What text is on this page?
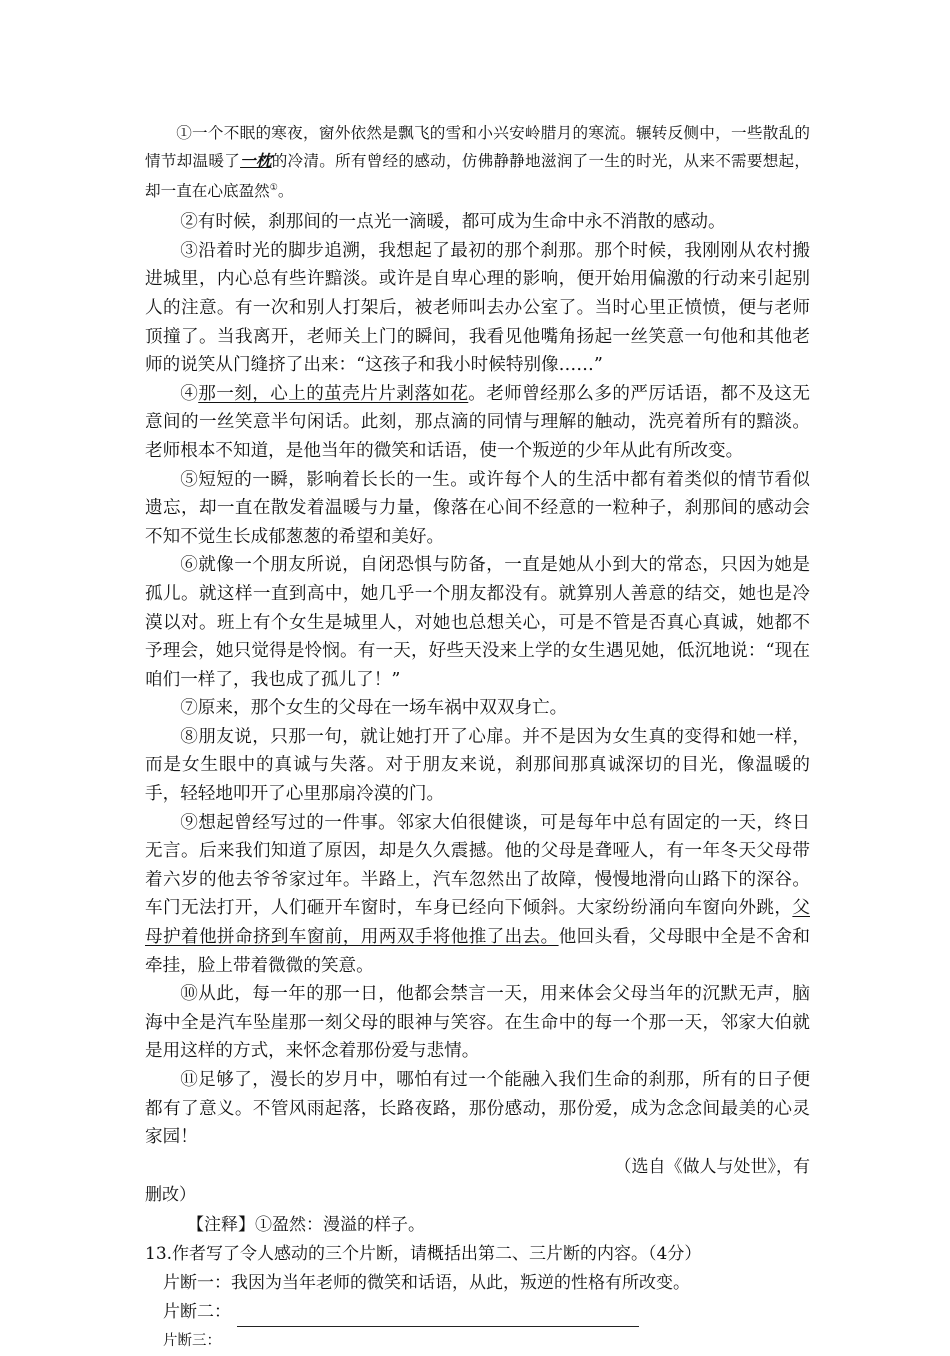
①一个不眠的寒夜，窗外依然是飘飞的雪和小兴安岭腊月的寒流。辗转反侧中，一些散乱的情节却温暖了一枕的冷清。所有曾经的感动，仿佛静静地滋润了一生的时光，从来不需要想起，却一直在心底盈然①。

②有时候，刹那间的一点光一滴暖，都可成为生命中永不消散的感动。

③沿着时光的脚步追溯，我想起了最初的那个刹那。那个时候，我刚刚从农村搬进城里，内心总有些许黯淡。或许是自卑心理的影响，便开始用偏激的行动来引起别人的注意。有一次和别人打架后，被老师叫去办公室了。当时心里正愤愤，便与老师顶撞了。当我离开，老师关上门的瞬间，我看见他嘴角扬起一丝笑意一句他和其他老师的说笑从门缝挤了出来：“这孩子和我小时候特别像……”

④那一刻，心上的茧壳片片剥落如花。老师曾经那么多的严厉话语，都不及这无意间的一丝笑意半句闲话。此刻，那点滴的同情与理解的触动，洗亮着所有的黯淡。老师根本不知道，是他当年的微笑和话语，使一个叛逆的少年从此有所改变。

⑤短短的一瞬，影响着长长的一生。或许每个人的生活中都有着类似的情节看似遗忘，却一直在散发着温暖与力量，像落在心间不经意的一粒种子，刹那间的感动会不知不觉生长成郁葱葱的希望和美好。

⑥就像一个朋友所说，自闭恐惧与防备，一直是她从小到大的常态，只因为她是孤儿。就这样一直到高中，她几乎一个朋友都没有。就算别人善意的结交，她也是冷漠以对。班上有个女生是城里人，对她也总想关心，可是不管是否真心真诚，她都不予理会，她只觉得是怜悯。有一天，好些天没来上学的女生遇见她，低沉地说：“现在咱们一样了，我也成了孤儿了！”

⑦原来，那个女生的父母在一场车祸中双双身亡。

⑧朋友说，只那一句，就让她打开了心扉。并不是因为女生真的变得和她一样，而是女生眼中的真诚与失落。对于朋友来说，刹那间那真诚深切的目光，像温暖的手，轻轻地叩开了心里那扇冷漠的门。

⑨想起曾经写过的一件事。邻家大伯很健谈，可是每年中总有固定的一天，终日无言。后来我们知道了原因，却是久久震撼。他的父母是聋哑人，有一年冬天父母带着六岁的他去爷爷家过年。半路上，汽车忽然出了故障，慢慢地滑向山路下的深谷。车门无法打开，人们砸开车窗时，车身已经向下倾斜。大家纷纷涌向车窗向外跳，父母护着他拼命挤到车窗前，用两双手将他推了出去。他回头看，父母眼中全是不舍和牵挂，脸上带着微微的笑意。

⑩从此，每一年的那一日，他都会禁言一天，用来体会父母当年的沉默无声，脑海中全是汽车坠崖那一刻父母的眼神与笑容。在生命中的每一个那一天，邻家大伯就是用这样的方式，来怀念着那份爱与悲情。

⑪足够了，漫长的岁月中，哪怕有过一个能融入我们生命的刹那，所有的日子便都有了意义。不管风雨起落，长路夜路，那份感动，那份爱，成为念念间最美的心灵家园！

（选自《做人与处世》，有

删改）

【注释】①盈然：漫溢的样子。

13.作者写了令人感动的三个片断，请概括出第二、三片断的内容。（4分）

片断一：我因为当年老师的微笑和话语，从此，叛逆的性格有所改变。

片断二：

片断三：
